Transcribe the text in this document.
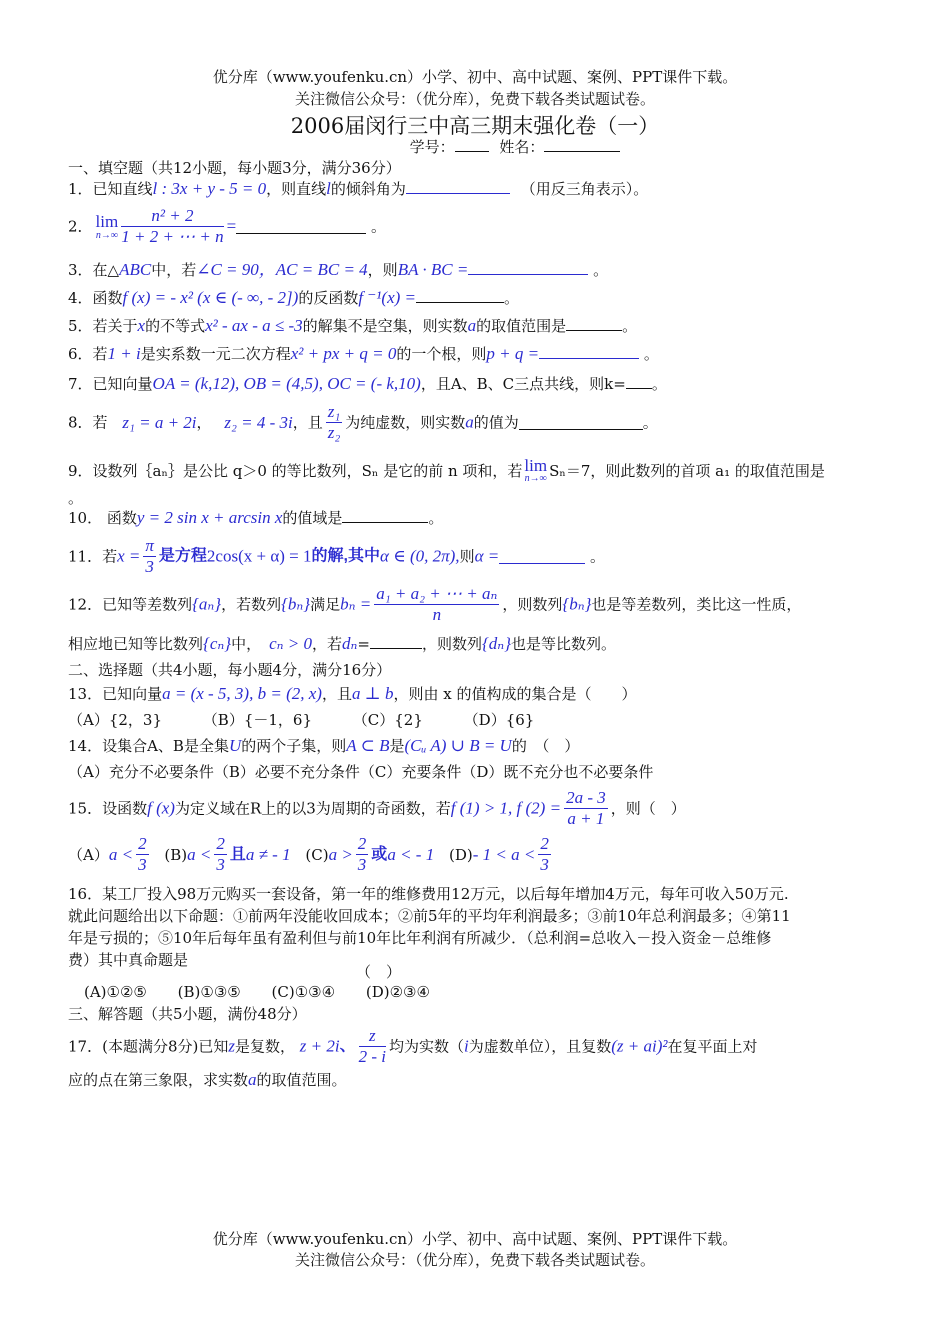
优分库（www.youfenku.cn）小学、初中、高中试题、案例、PPT课件下载。
关注微信公众号：（优分库），免费下载各类试题试卷。
2006届闵行三中高三期末强化卷（一）
学号：	姓名：
一、填空题（共12小题，每小题3分，满分36分）
1．已知直线l : 3x + y - 5 = 0，则直线l的倾斜角为	（用反三角表示）。
2． lim
$n\to\infty \frac{\text{n² + 2}}{1 + 2 + \cdots + n}$ =	。
3．在△ABC中，若∠C = 90，AC = BC = 4，则BA · BC =	。
4．函数f (x) = - x² (x ∈ (- ∞, - 2])的反函数f ⁻¹(x) =	。
5．若关于x的不等式x² - ax - a ≤ -3的解集不是空集，则实数a的取值范围是	。
6．若1 + i是实系数一元二次方程x² + px + q = 0的一个根，则p + q =	。
7．已知向量OA = (k,12), OB = (4,5), OC = (- k,10)，且A、B、C三点共线，则k= 。
8．若 z₁ = a + 2i， z₂ = 4 - 3i，且 $\frac{\text{z₁}}{\text{z₂}}$ 为纯虚数，则实数a的值为	。
9．设数列｛aₙ｝是公比 q＞0 的等比数列，Sₙ 是它的前 n 项和，若 lim
n→∞ Sₙ＝7，则此数列的首项 a₁ 的取值范围是
。
10． 函数y = 2 sin x + arcsin x的值域是	。
11．若$x = \frac{\pi}{3}$ 是方程2cos(x + α) = 1的解,其中α ∈ (0, 2π),则α =	。
12．已知等差数列{aₙ}，若数列{bₙ}满足$b_n = \frac{\text{a₁ + a₂ + ⋯ + aₙ}}{n}$ ，则数列{bₙ}也是等差数列，类比这一性质，
相应地已知等比数列{cₙ}中， cₙ > 0，若dₙ=	，则数列{dₙ}也是等比数列。
二、选择题（共4小题，每小题4分，满分16分）
13．已知向量a = (x - 5, 3), b = (2, x)，且a ⊥ b，则由 x 的值构成的集合是（　　）
（A）{2，3}	（B）{－1，6}	（C）{2}	（D）{6}
14．设集合A、B是全集U的两个子集，则A ⊂ B是(Cᵤ A) ∪ B = U的　（　）
（A）充分不必要条件（B）必要不充分条件（C）充要条件（D）既不充分也不必要条件
15．设函数f (x)为定义域在R上的以3为周期的奇函数，若f (1) > 1, f $(2) = \frac{2a - 3}{a + 1}$ ，则（　）
$(A)a < \frac{2}{3} (B)a < \frac{2}{3}$ 且a ≠ - 1 $(C)a > \frac{2}{3}$ 或a < - 1 (D)- $1 < a < \frac{2}{3}$
16．某工厂投入98万元购买一套设备，第一年的维修费用12万元，以后每年增加4万元，每年可收入50万元.
就此问题给出以下命题：①前两年没能收回成本；②前5年的平均年利润最多；③前10年总利润最多；④第11
年是亏损的；⑤10年后每年虽有盈利但与前10年比年利润有所减少．（总利润=总收入－投入资金－总维修
费）其中真命题是
（　）
(A)①②⑤ (B)①③⑤ (C)①③④ (D)②③④
三、解答题（共5小题，满份48分）
17．(本题满分8分)已知z是复数， z + 2i、 $\frac{z}{2 - i}$ 均为实数（i为虚数单位），且复数(z + ai)²在复平面上对
应的点在第三象限，求实数a的取值范围。
优分库（www.youfenku.cn）小学、初中、高中试题、案例、PPT课件下载。
关注微信公众号：（优分库），免费下载各类试题试卷。
